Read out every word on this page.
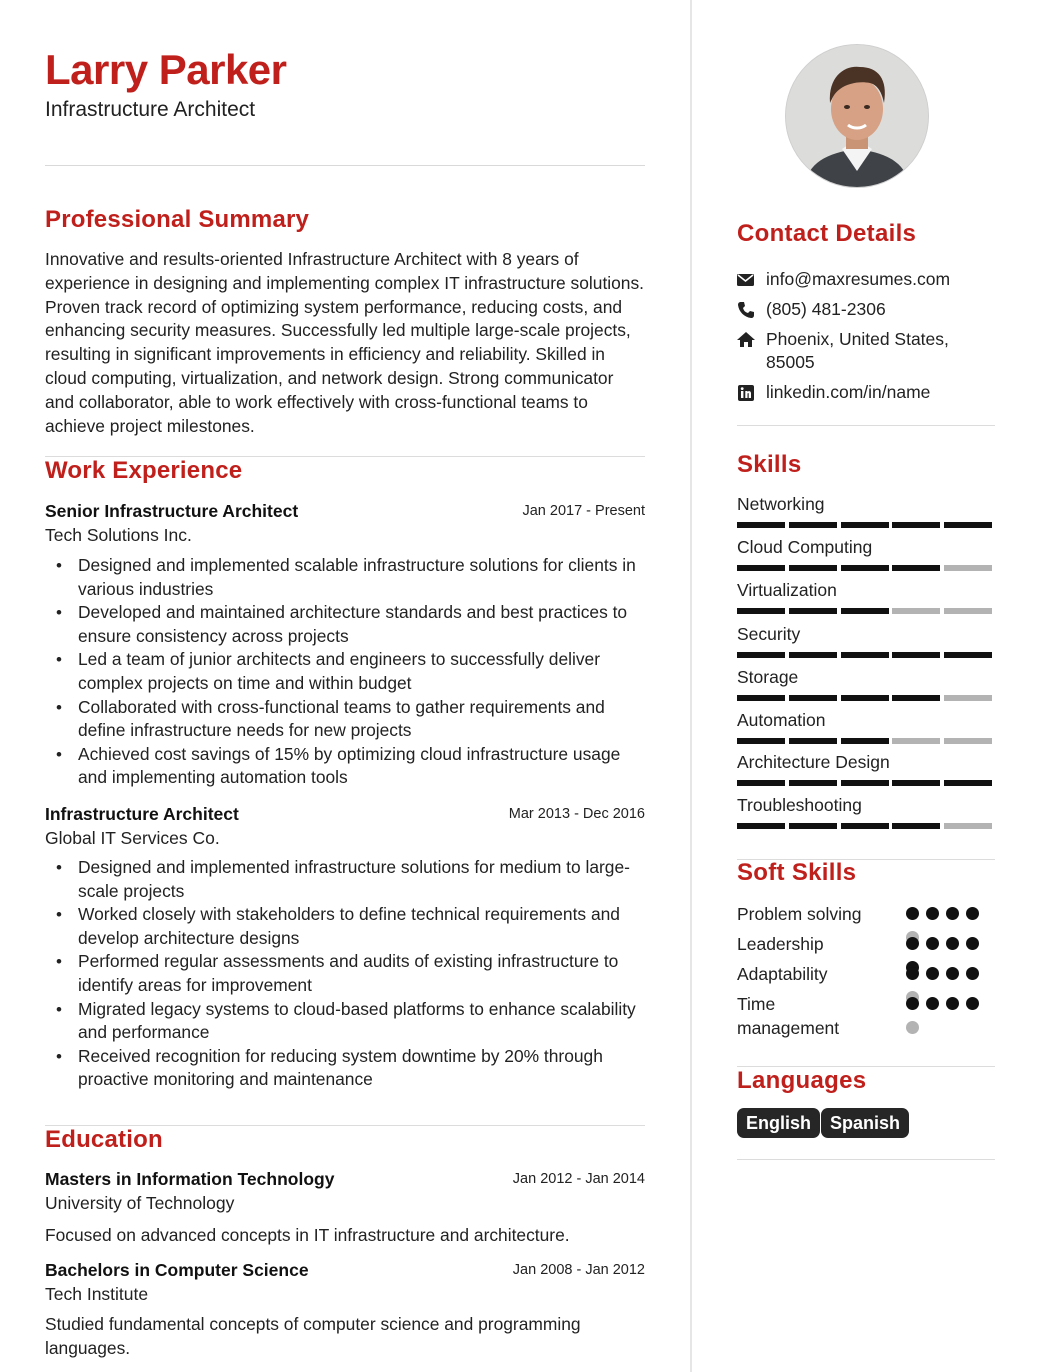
Larry Parker
Infrastructure Architect
Professional Summary
Innovative and results-oriented Infrastructure Architect with 8 years of experience in designing and implementing complex IT infrastructure solutions. Proven track record of optimizing system performance, reducing costs, and enhancing security measures. Successfully led multiple large-scale projects, resulting in significant improvements in efficiency and reliability. Skilled in cloud computing, virtualization, and network design. Strong communicator and collaborator, able to work effectively with cross-functional teams to achieve project milestones.
Work Experience
Senior Infrastructure Architect	Jan 2017 - Present
Tech Solutions Inc.
• Designed and implemented scalable infrastructure solutions for clients in various industries
• Developed and maintained architecture standards and best practices to ensure consistency across projects
• Led a team of junior architects and engineers to successfully deliver complex projects on time and within budget
• Collaborated with cross-functional teams to gather requirements and define infrastructure needs for new projects
• Achieved cost savings of 15% by optimizing cloud infrastructure usage and implementing automation tools
Infrastructure Architect	Mar 2013 - Dec 2016
Global IT Services Co.
• Designed and implemented infrastructure solutions for medium to large-scale projects
• Worked closely with stakeholders to define technical requirements and develop architecture designs
• Performed regular assessments and audits of existing infrastructure to identify areas for improvement
• Migrated legacy systems to cloud-based platforms to enhance scalability and performance
• Received recognition for reducing system downtime by 20% through proactive monitoring and maintenance
Education
Masters in Information Technology	Jan 2012 - Jan 2014
University of Technology
Focused on advanced concepts in IT infrastructure and architecture.
Bachelors in Computer Science	Jan 2008 - Jan 2012
Tech Institute
Studied fundamental concepts of computer science and programming languages.
Contact Details
info@maxresumes.com
(805) 481-2306
Phoenix, United States,
85005
linkedin.com/in/name
Skills
Networking
Cloud Computing
Virtualization
Security
Storage
Automation
Architecture Design
Troubleshooting
Soft Skills
Problem solving
Leadership
Adaptability
Time management
Languages
English	Spanish
